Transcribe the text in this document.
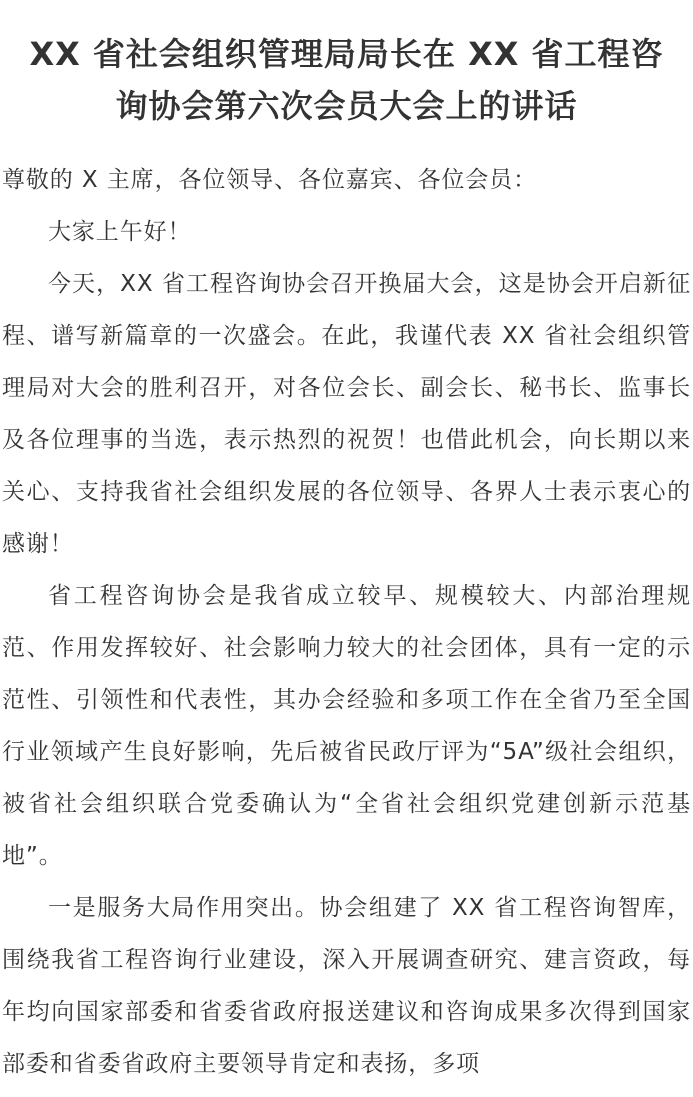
XX 省社会组织管理局局长在 XX 省工程咨
询协会第六次会员大会上的讲话

尊敬的 X 主席，各位领导、各位嘉宾、各位会员：

大家上午好！

今天，XX 省工程咨询协会召开换届大会，这是协会开启新征程、谱写新篇章的一次盛会。在此，我谨代表 XX 省社会组织管理局对大会的胜利召开，对各位会长、副会长、秘书长、监事长及各位理事的当选，表示热烈的祝贺！也借此机会，向长期以来关心、支持我省社会组织发展的各位领导、各界人士表示衷心的感谢！

省工程咨询协会是我省成立较早、规模较大、内部治理规范、作用发挥较好、社会影响力较大的社会团体，具有一定的示范性、引领性和代表性，其办会经验和多项工作在全省乃至全国行业领域产生良好影响，先后被省民政厅评为“5A”级社会组织，被省社会组织联合党委确认为“全省社会组织党建创新示范基地”。

一是服务大局作用突出。协会组建了 XX 省工程咨询智库，围绕我省工程咨询行业建设，深入开展调查研究、建言资政，每年均向国家部委和省委省政府报送建议和咨询成果多次得到国家部委和省委省政府主要领导肯定和表扬，多项
